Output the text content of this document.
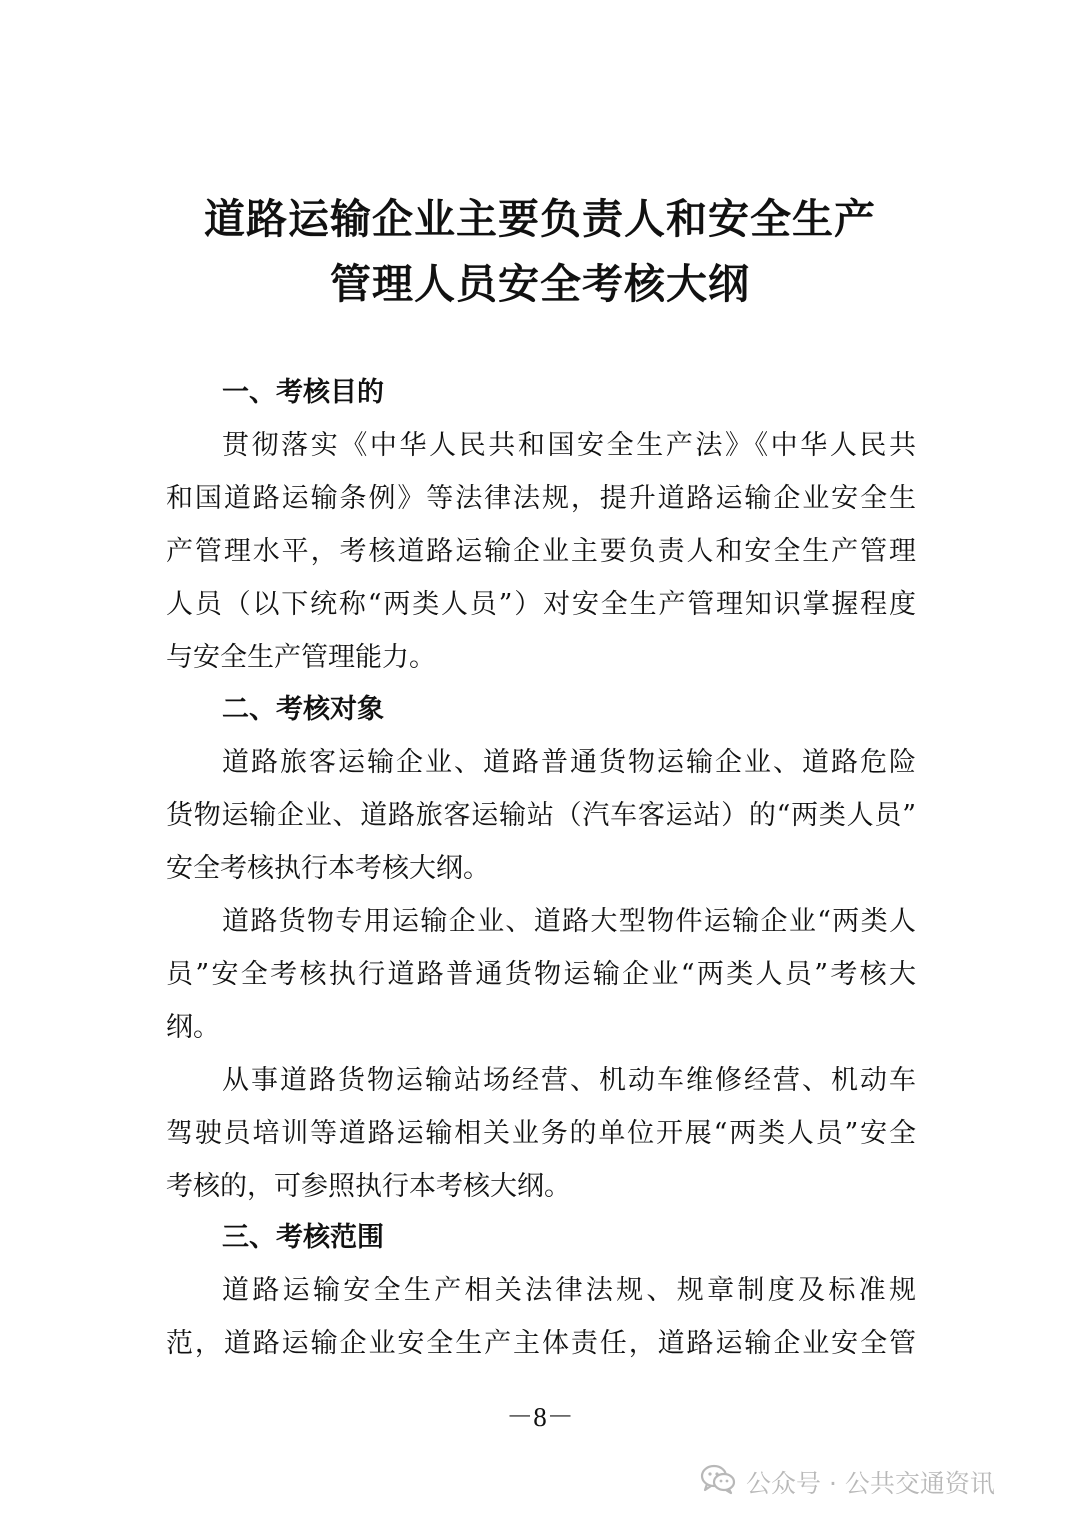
道路运输企业主要负责人和安全生产
管理人员安全考核大纲
一、考核目的
贯彻落实《中华人民共和国安全生产法》《中华人民共
和国道路运输条例》等法律法规，提升道路运输企业安全生
产管理水平，考核道路运输企业主要负责人和安全生产管理
人员（以下统称“两类人员”）对安全生产管理知识掌握程度
与安全生产管理能力。
二、考核对象
道路旅客运输企业、道路普通货物运输企业、道路危险
货物运输企业、道路旅客运输站（汽车客运站）的“两类人员”
安全考核执行本考核大纲。
道路货物专用运输企业、道路大型物件运输企业“两类人
员”安全考核执行道路普通货物运输企业“两类人员”考核大
纲。
从事道路货物运输站场经营、机动车维修经营、机动车
驾驶员培训等道路运输相关业务的单位开展“两类人员”安全
考核的，可参照执行本考核大纲。
三、考核范围
道路运输安全生产相关法律法规、规章制度及标准规
范，道路运输企业安全生产主体责任，道路运输企业安全管
－8－
公众号 · 公共交通资讯
